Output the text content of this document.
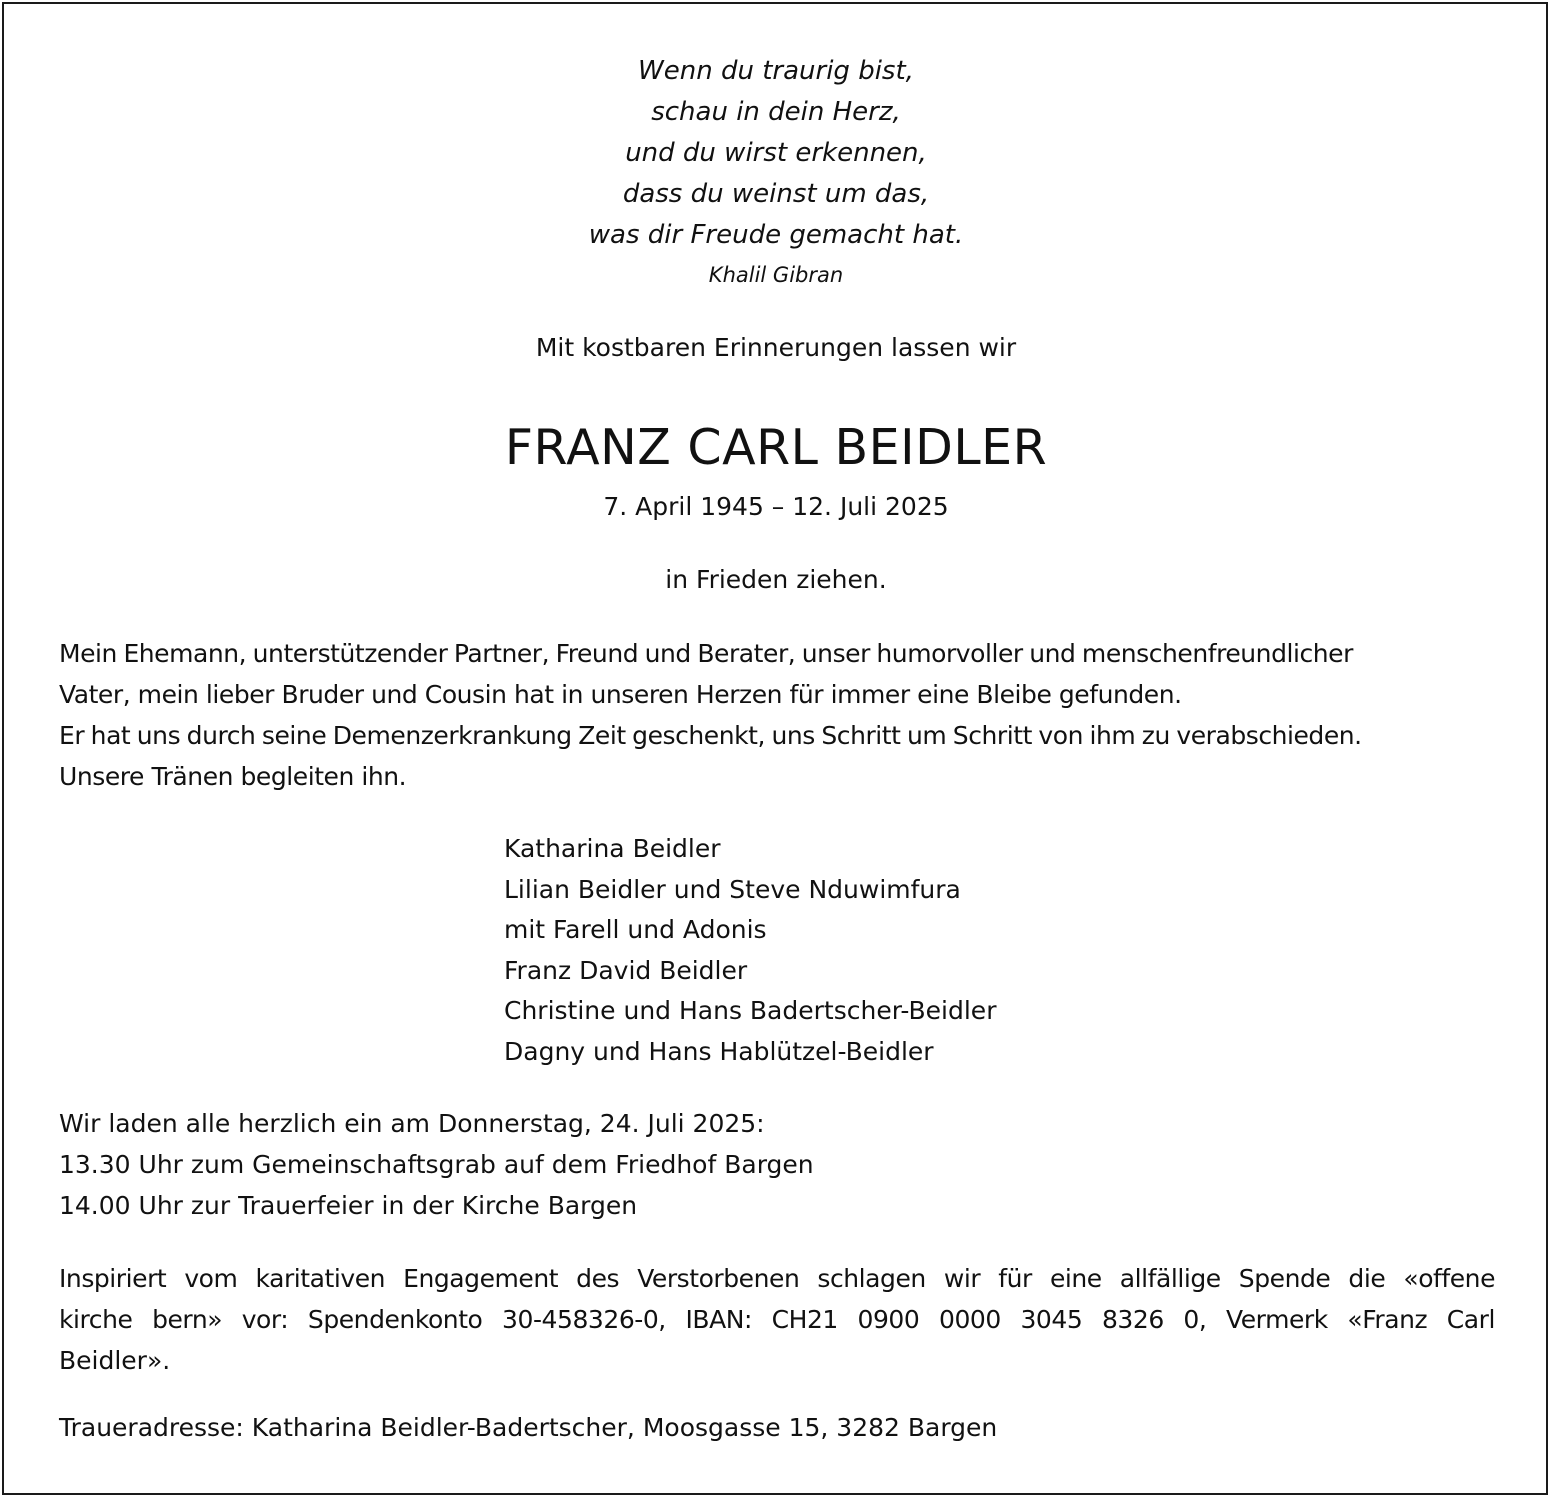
Wenn du traurig bist,
schau in dein Herz,
und du wirst erkennen,
dass du weinst um das,
was dir Freude gemacht hat.
Khalil Gibran
Mit kostbaren Erinnerungen lassen wir
FRANZ CARL BEIDLER
7. April 1945 – 12. Juli 2025
in Frieden ziehen.
Mein Ehemann, unterstützender Partner, Freund und Berater, unser humorvoller und menschenfreundlicher
Vater, mein lieber Bruder und Cousin hat in unseren Herzen für immer eine Bleibe gefunden.
Er hat uns durch seine Demenzerkrankung Zeit geschenkt, uns Schritt um Schritt von ihm zu verabschieden.
Unsere Tränen begleiten ihn.
Katharina Beidler
Lilian Beidler und Steve Nduwimfura
mit Farell und Adonis
Franz David Beidler
Christine und Hans Badertscher-Beidler
Dagny und Hans Hablützel-Beidler
Wir laden alle herzlich ein am Donnerstag, 24. Juli 2025:
13.30 Uhr zum Gemeinschaftsgrab auf dem Friedhof Bargen
14.00 Uhr zur Trauerfeier in der Kirche Bargen
Inspiriert vom karitativen Engagement des Verstorbenen schlagen wir für eine allfällige Spende die «offene
kirche bern» vor: Spendenkonto 30-458326-0, IBAN: CH21 0900 0000 3045 8326 0, Vermerk «Franz Carl
Beidler».
Traueradresse: Katharina Beidler-Badertscher, Moosgasse 15, 3282 Bargen
